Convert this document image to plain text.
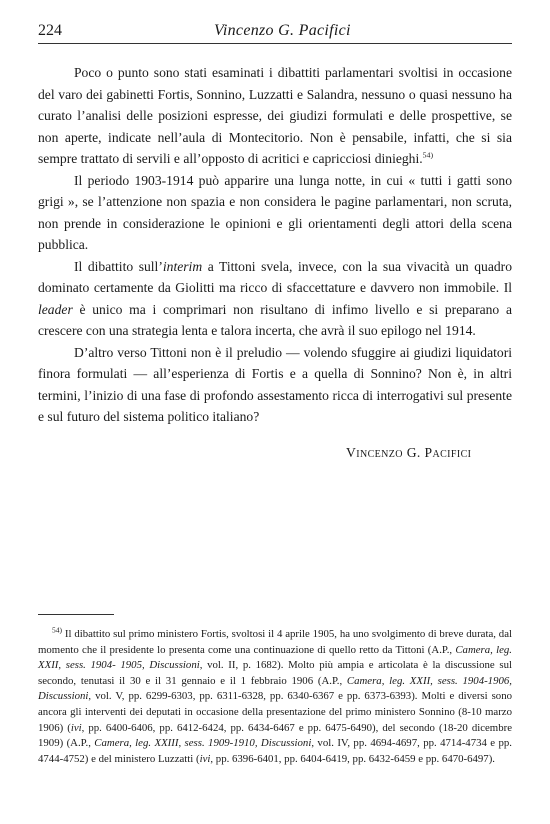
224	Vincenzo G. Pacifici

Poco o punto sono stati esaminati i dibattiti parlamentari svoltisi in occasione del varo dei gabinetti Fortis, Sonnino, Luzzatti e Salandra, nessuno o quasi nessuno ha curato l’analisi delle posizioni espresse, dei giudizi formulati e delle prospettive, se non aperte, indicate nell’aula di Montecitorio. Non è pensabile, infatti, che si sia sempre trattato di servili e all’opposto di acritici e capricciosi dinieghi.$^{54)}$

Il periodo 1903-1914 può apparire una lunga notte, in cui « tutti i gatti sono grigi », se l’attenzione non spazia e non considera le pagine parlamentari, non scruta, non prende in considerazione le opinioni e gli orientamenti degli attori della scena pubblica.

Il dibattito sull’interim a Tittoni svela, invece, con la sua vivacità un quadro dominato certamente da Giolitti ma ricco di sfaccettature e davvero non immobile. Il leader è unico ma i comprimari non risultano di infimo livello e si preparano a crescere con una strategia lenta e talora incerta, che avrà il suo epilogo nel 1914.

D’altro verso Tittoni non è il preludio — volendo sfuggire ai giudizi liquidatori finora formulati — all’esperienza di Fortis e a quella di Sonnino? Non è, in altri termini, l’inizio di una fase di profondo assestamento ricca di interrogativi sul presente e sul futuro del sistema politico italiano?

Vincenzo G. Pacifici

$^{54)}$ Il dibattito sul primo ministero Fortis, svoltosi il 4 aprile 1905, ha uno svolgimento di breve durata, dal momento che il presidente lo presenta come una continuazione di quello retto da Tittoni (A.P., Camera, leg. XXII, sess. 1904- 1905, Discussioni, vol. II, p. 1682). Molto più ampia e articolata è la discussione sul secondo, tenutasi il 30 e il 31 gennaio e il 1 febbraio 1906 (A.P., Camera, leg. XXII, sess. 1904-1906, Discussioni, vol. V, pp. 6299-6303, pp. 6311-6328, pp. 6340-6367 e pp. 6373-6393). Molti e diversi sono ancora gli interventi dei deputati in occasione della presentazione del primo ministero Sonnino (8-10 marzo 1906) (ivi, pp. 6400-6406, pp. 6412-6424, pp. 6434-6467 e pp. 6475-6490), del secondo (18-20 dicembre 1909) (A.P., Camera, leg. XXIII, sess. 1909-1910, Discussioni, vol. IV, pp. 4694-4697, pp. 4714-4734 e pp. 4744-4752) e del ministero Luzzatti (ivi, pp. 6396-6401, pp. 6404-6419, pp. 6432-6459 e pp. 6470-6497).
